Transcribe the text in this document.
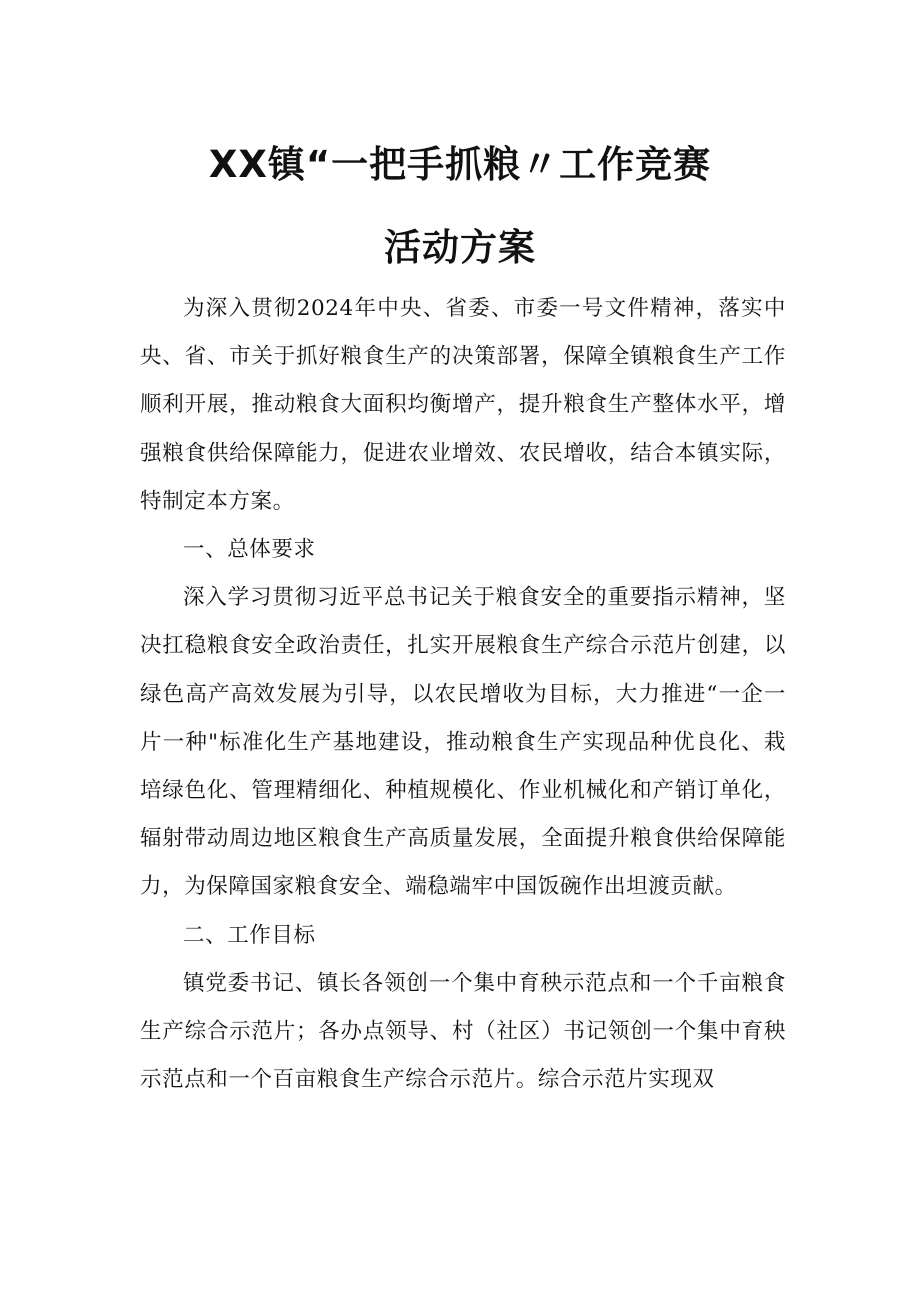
XX镇“一把手抓粮〃工作竞赛
活动方案

为深入贯彻2024年中央、省委、市委一号文件精神，落实中央、省、市关于抓好粮食生产的决策部署，保障全镇粮食生产工作顺利开展，推动粮食大面积均衡增产，提升粮食生产整体水平，增强粮食供给保障能力，促进农业增效、农民增收，结合本镇实际，特制定本方案。

一、总体要求

深入学习贯彻习近平总书记关于粮食安全的重要指示精神，坚决扛稳粮食安全政治责任，扎实开展粮食生产综合示范片创建，以绿色高产高效发展为引导，以农民增收为目标，大力推进“一企一片一种"标准化生产基地建设，推动粮食生产实现品种优良化、栽培绿色化、管理精细化、种植规模化、作业机械化和产销订单化，辐射带动周边地区粮食生产高质量发展，全面提升粮食供给保障能力，为保障国家粮食安全、端稳端牢中国饭碗作出坦渡贡献。

二、工作目标

镇党委书记、镇长各领创一个集中育秧示范点和一个千亩粮食生产综合示范片；各办点领导、村（社区）书记领创一个集中育秧示范点和一个百亩粮食生产综合示范片。综合示范片实现双
